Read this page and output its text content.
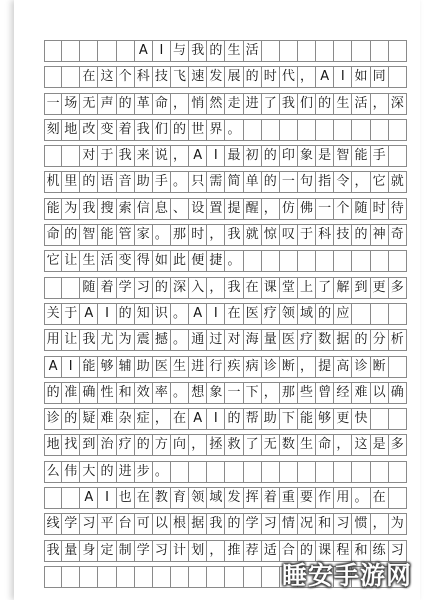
A I 与 我 的 生 活
在 这 个 科 技 飞 速 发 展 的 时 代 ， A I 如 同
一 场 无 声 的 革 命 ， 悄 然 走 进 了 我 们 的 生 活 ， 深
刻 地 改 变 着 我 们 的 世 界 。
对 于 我 来 说 ， A I 最 初 的 印 象 是 智 能 手
机 里 的 语 音 助 手 。 只 需 简 单 的 一 句 指 令 ， 它 就
能 为 我 搜 索 信 息 、 设 置 提 醒 ， 仿 佛 一 个 随 时 待
命 的 智 能 管 家 。 那 时 ， 我 就 惊 叹 于 科 技 的 神 奇
它 让 生 活 变 得 如 此 便 捷 。
随 着 学 习 的 深 入 ， 我 在 课 堂 上 了 解 到 更 多
关 于 A I 的 知 识 。 A I 在 医 疗 领 域 的 应
用 让 我 尤 为 震 撼 。 通 过 对 海 量 医 疗 数 据 的 分 析
A I 能 够 辅 助 医 生 进 行 疾 病 诊 断 ， 提 高 诊 断
的 准 确 性 和 效 率 。 想 象 一 下 ， 那 些 曾 经 难 以 确
诊 的 疑 难 杂 症 ， 在 A I 的 帮 助 下 能 够 更 快
地 找 到 治 疗 的 方 向 ， 拯 救 了 无 数 生 命 ， 这 是 多
么 伟 大 的 进 步 。
A I 也 在 教 育 领 域 发 挥 着 重 要 作 用 。 在
线 学 习 平 台 可 以 根 据 我 的 学 习 情 况 和 习 惯 ， 为
我 量 身 定 制 学 习 计 划 ， 推 荐 适 合 的 课 程 和 练 习
睡安手游网
